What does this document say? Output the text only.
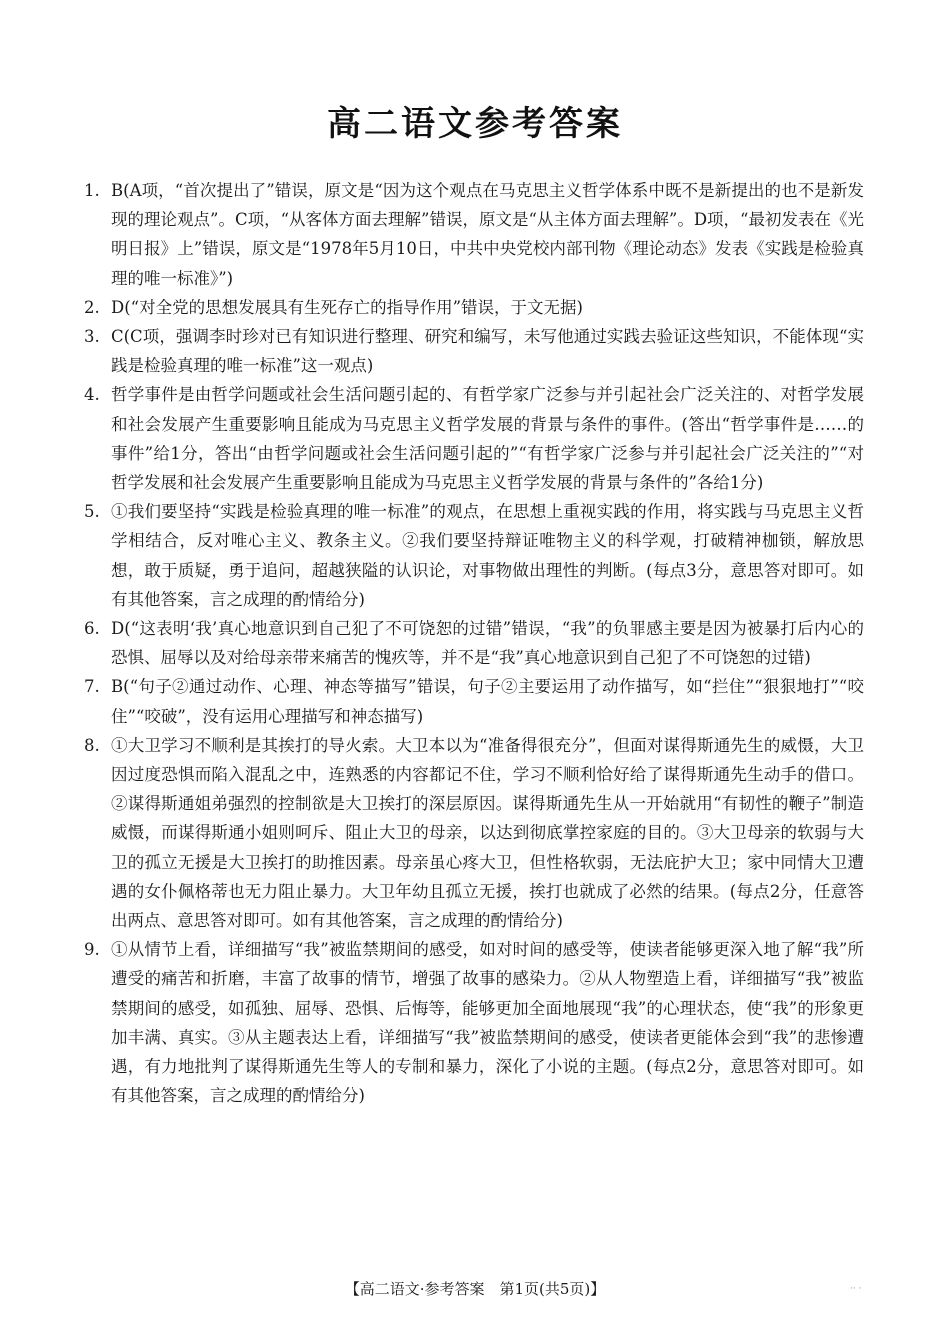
高二语文参考答案
1. B(A项，“首次提出了”错误，原文是“因为这个观点在马克思主义哲学体系中既不是新提出的也不是新发现的理论观点”。C项，“从客体方面去理解”错误，原文是“从主体方面去理解”。D项，“最初发表在《光明日报》上”错误，原文是“1978年5月10日，中共中央党校内部刊物《理论动态》发表《实践是检验真理的唯一标准》”)
2. D(“对全党的思想发展具有生死存亡的指导作用”错误，于文无据)
3. C(C项，强调李时珍对已有知识进行整理、研究和编写，未写他通过实践去验证这些知识，不能体现“实践是检验真理的唯一标准”这一观点)
4. 哲学事件是由哲学问题或社会生活问题引起的、有哲学家广泛参与并引起社会广泛关注的、对哲学发展和社会发展产生重要影响且能成为马克思主义哲学发展的背景与条件的事件。(答出“哲学事件是……的事件”给1分，答出“由哲学问题或社会生活问题引起的”“有哲学家广泛参与并引起社会广泛关注的”“对哲学发展和社会发展产生重要影响且能成为马克思主义哲学发展的背景与条件的”各给1分)
5. ①我们要坚持“实践是检验真理的唯一标准”的观点，在思想上重视实践的作用，将实践与马克思主义哲学相结合，反对唯心主义、教条主义。②我们要坚持辩证唯物主义的科学观，打破精神枷锁，解放思想，敢于质疑，勇于追问，超越狭隘的认识论，对事物做出理性的判断。(每点3分，意思答对即可。如有其他答案，言之成理的酌情给分)
6. D(“这表明‘我’真心地意识到自己犯了不可饶恕的过错”错误，“我”的负罪感主要是因为被暴打后内心的恐惧、屈辱以及对给母亲带来痛苦的愧疚等，并不是“我”真心地意识到自己犯了不可饶恕的过错)
7. B(“句子②通过动作、心理、神态等描写”错误，句子②主要运用了动作描写，如“拦住”“狠狠地打”“咬住”“咬破”，没有运用心理描写和神态描写)
8. ①大卫学习不顺利是其挨打的导火索。大卫本以为“准备得很充分”，但面对谋得斯通先生的威慑，大卫因过度恐惧而陷入混乱之中，连熟悉的内容都记不住，学习不顺利恰好给了谋得斯通先生动手的借口。②谋得斯通姐弟强烈的控制欲是大卫挨打的深层原因。谋得斯通先生从一开始就用“有韧性的鞭子”制造威慑，而谋得斯通小姐则呵斥、阻止大卫的母亲，以达到彻底掌控家庭的目的。③大卫母亲的软弱与大卫的孤立无援是大卫挨打的助推因素。母亲虽心疼大卫，但性格软弱，无法庇护大卫；家中同情大卫遭遇的女仆佩格蒂也无力阻止暴力。大卫年幼且孤立无援，挨打也就成了必然的结果。(每点2分，任意答出两点、意思答对即可。如有其他答案，言之成理的酌情给分)
9. ①从情节上看，详细描写“我”被监禁期间的感受，如对时间的感受等，使读者能够更深入地了解“我”所遭受的痛苦和折磨，丰富了故事的情节，增强了故事的感染力。②从人物塑造上看，详细描写“我”被监禁期间的感受，如孤独、屈辱、恐惧、后悔等，能够更加全面地展现“我”的心理状态，使“我”的形象更加丰满、真实。③从主题表达上看，详细描写“我”被监禁期间的感受，使读者更能体会到“我”的悲惨遭遇，有力地批判了谋得斯通先生等人的专制和暴力，深化了小说的主题。(每点2分，意思答对即可。如有其他答案，言之成理的酌情给分)
【高二语文·参考答案　第1页(共5页)】	·· ·
